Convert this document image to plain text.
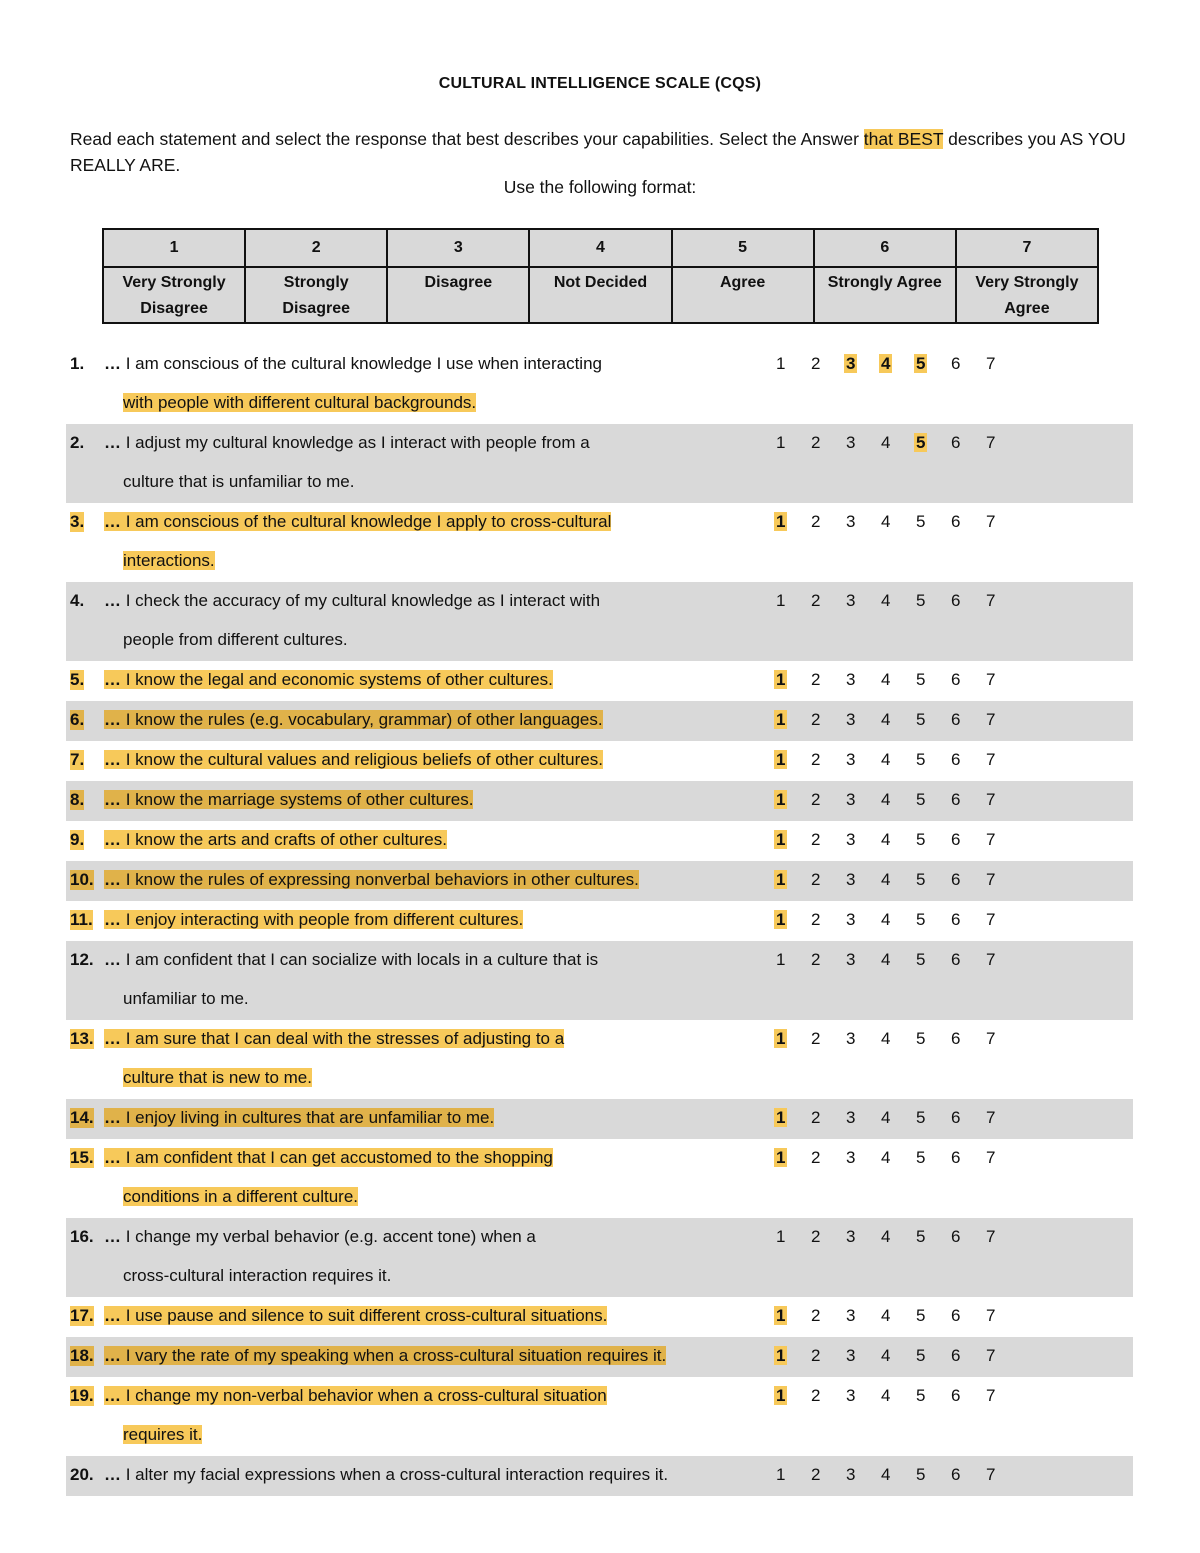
CULTURAL INTELLIGENCE SCALE (CQS)
Read each statement and select the response that best describes your capabilities. Select the Answer that BEST describes you AS YOU REALLY ARE.
Use the following format:
1	2	3	4	5	6	7
Very Strongly Disagree	Strongly Disagree	Disagree	Not Decided	Agree	Strongly Agree	Very Strongly Agree
1. … I am conscious of the cultural knowledge I use when interacting
with people with different cultural backgrounds.
1	2	3	4	5	6	7
2. … I adjust my cultural knowledge as I interact with people from a
culture that is unfamiliar to me.
1	2	3	4	5	6	7
3. … I am conscious of the cultural knowledge I apply to cross-cultural
interactions.
1	2	3	4	5	6	7
4. … I check the accuracy of my cultural knowledge as I interact with
people from different cultures.
1	2	3	4	5	6	7
5. … I know the legal and economic systems of other cultures.	1	2	3	4	5	6	7
6. … I know the rules (e.g. vocabulary, grammar) of other languages.	1	2	3	4	5	6	7
7. … I know the cultural values and religious beliefs of other cultures.	1	2	3	4	5	6	7
8. … I know the marriage systems of other cultures.	1	2	3	4	5	6	7
9. … I know the arts and crafts of other cultures.	1	2	3	4	5	6	7
10. … I know the rules of expressing nonverbal behaviors in other cultures.	1	2	3	4	5	6	7
11. … I enjoy interacting with people from different cultures.	1	2	3	4	5	6	7
12. … I am confident that I can socialize with locals in a culture that is
unfamiliar to me.
1	2	3	4	5	6	7
13. … I am sure that I can deal with the stresses of adjusting to a
culture that is new to me.
1	2	3	4	5	6	7
14. … I enjoy living in cultures that are unfamiliar to me.	1	2	3	4	5	6	7
15. … I am confident that I can get accustomed to the shopping
conditions in a different culture.
1	2	3	4	5	6	7
16. … I change my verbal behavior (e.g. accent tone) when a
cross-cultural interaction requires it.
1	2	3	4	5	6	7
17. … I use pause and silence to suit different cross-cultural situations.	1	2	3	4	5	6	7
18. … I vary the rate of my speaking when a cross-cultural situation requires it.	1	2	3	4	5	6	7
19. … I change my non-verbal behavior when a cross-cultural situation
requires it.
1	2	3	4	5	6	7
20. … I alter my facial expressions when a cross-cultural interaction requires it.	1	2	3	4	5	6	7
